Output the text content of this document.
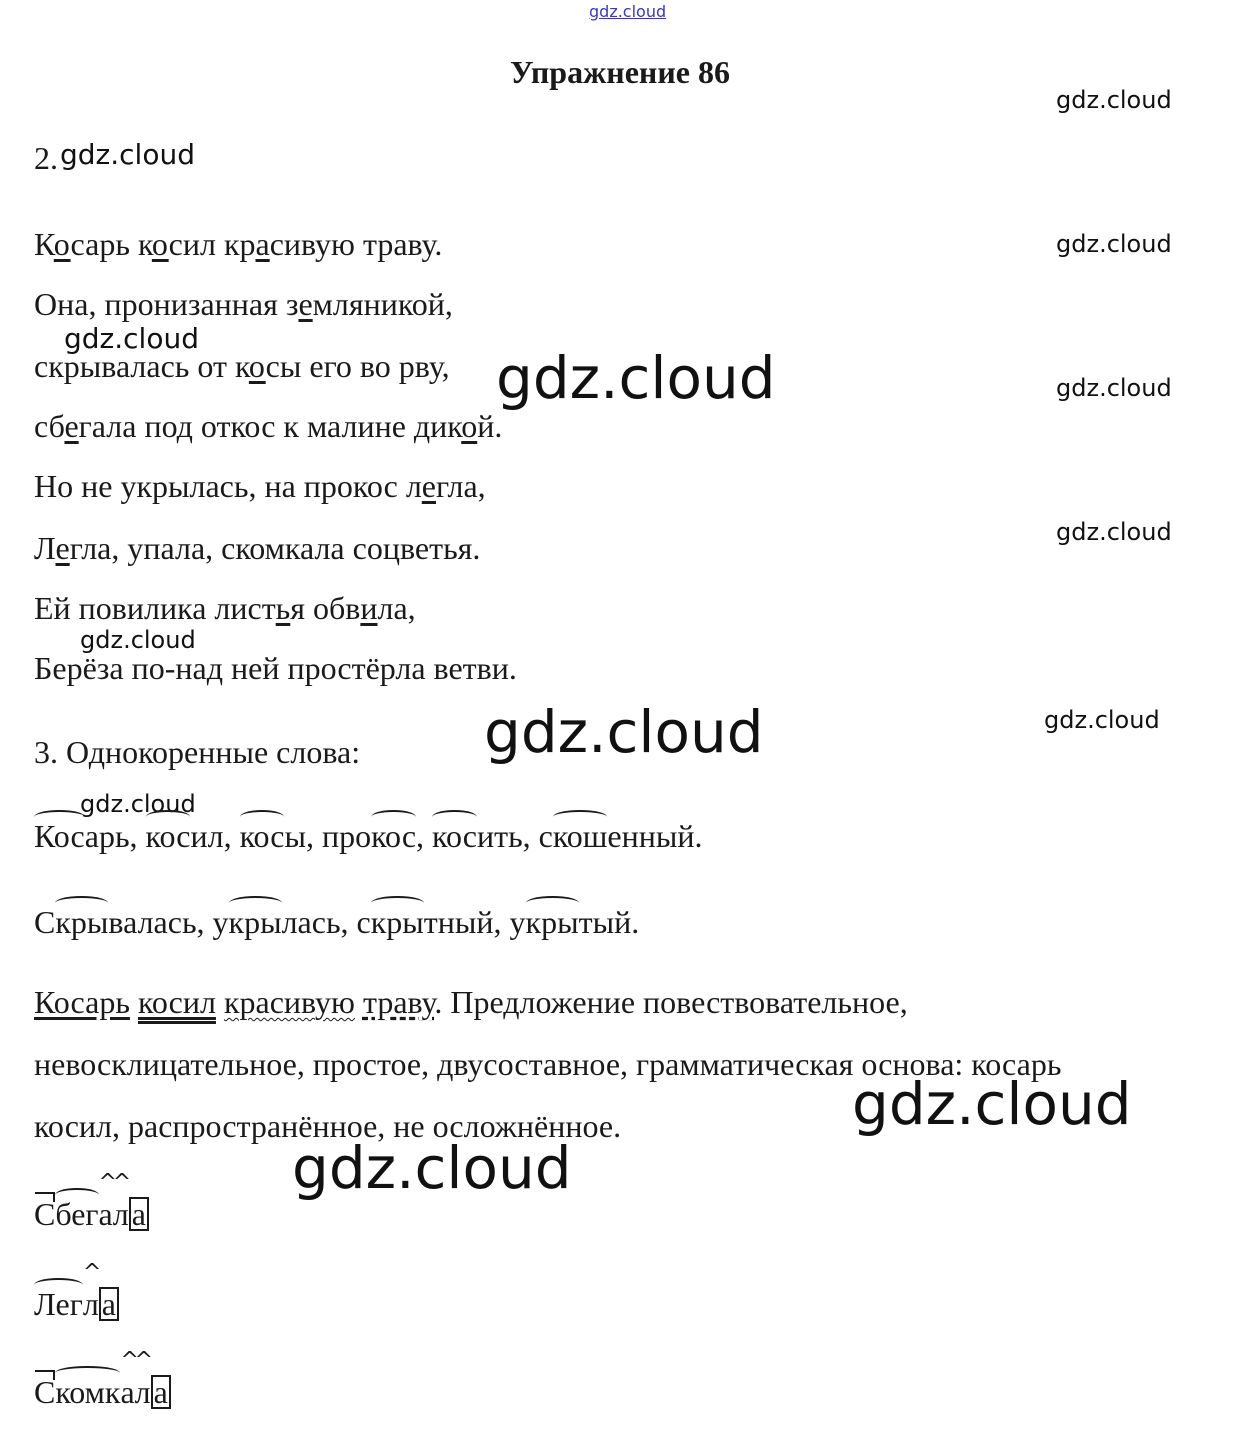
gdz.cloud
gdz.cloud
gdz.cloud
gdz.cloud
gdz.cloud
gdz.cloud	gdz.cloud
gdz.cloud
gdz.cloud
gdz.cloud	gdz.cloud
gdz.cloud
gdz.cloud
gdz.cloud
Упражнение 86
2.
Косарь косил красивую траву.
Она, пронизанная земляникой,
скрывалась от косы его во рву,
сбегала под откос к малине дикой.
Но не укрылась, на прокос легла,
Легла, упала, скомкала соцветья.
Ей повилика листья обвила,
Берёза по-над ней простёрла ветви.
3. Однокоренные слова:
Косарь, косил, косы, прокос, косить, скошенный.
Скрывалась, укрылась, скрытный, укрытый.
Косарь косил красивую траву. Предложение повествовательное,
невосклицательное, простое, двусоставное, грамматическая основа: косарь
косил, распространённое, не осложнённое.
Сбег^ а^ ла
Лег^ ла
Скомк^ а^ ла
